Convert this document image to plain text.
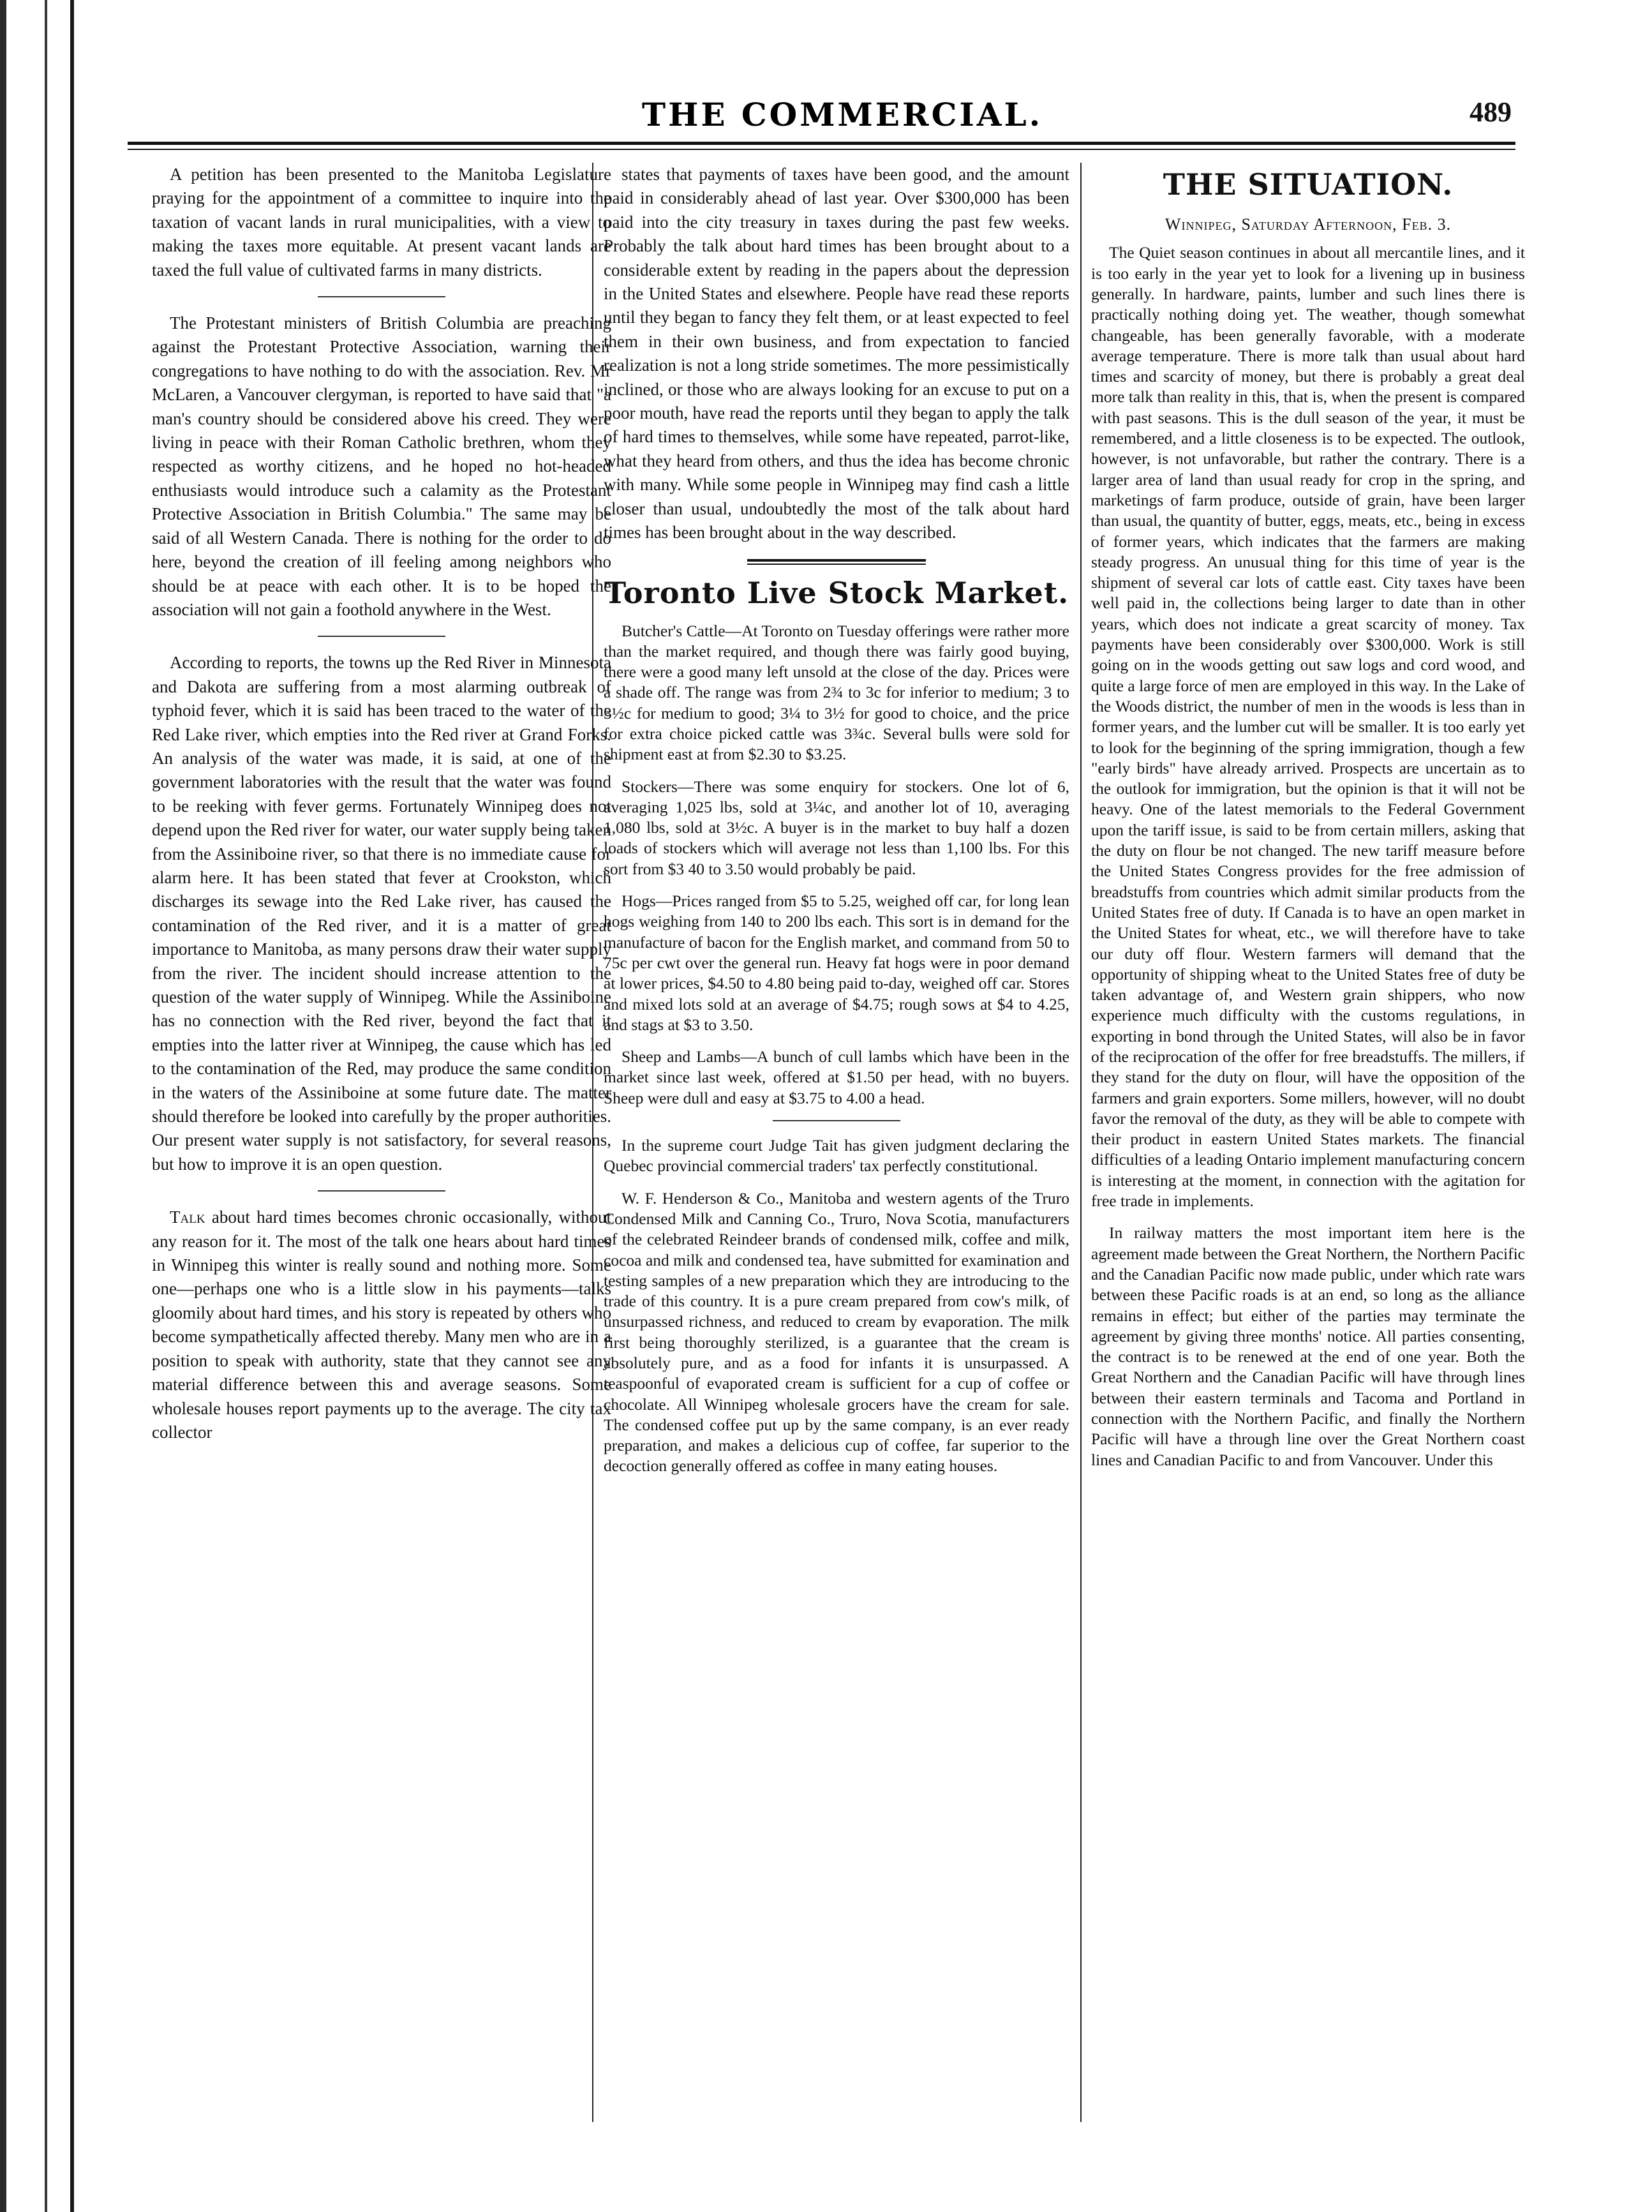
THE COMMERCIAL.	489

A petition has been presented to the Manitoba Legislature praying for the appointment of a committee to inquire into the taxation of vacant lands in rural municipalities, with a view to making the taxes more equitable. At present vacant lands are taxed the full value of cultivated farms in many districts.

The Protestant ministers of British Columbia are preaching against the Protestant Protective Association, warning their congregations to have nothing to do with the association. Rev. Mr McLaren, a Vancouver clergyman, is reported to have said that "a man's country should be considered above his creed. They were living in peace with their Roman Catholic brethren, whom they respected as worthy citizens, and he hoped no hot-headed enthusiasts would introduce such a calamity as the Protestant Protective Association in British Columbia." The same may be said of all Western Canada. There is nothing for the order to do here, beyond the creation of ill feeling among neighbors who should be at peace with each other. It is to be hoped the association will not gain a foothold anywhere in the West.

According to reports, the towns up the Red River in Minnesota and Dakota are suffering from a most alarming outbreak of typhoid fever, which it is said has been traced to the water of the Red Lake river, which empties into the Red river at Grand Forks. An analysis of the water was made, it is said, at one of the government laboratories with the result that the water was found to be reeking with fever germs. Fortunately Winnipeg does not depend upon the Red river for water, our water supply being taken from the Assiniboine river, so that there is no immediate cause for alarm here. It has been stated that fever at Crookston, which discharges its sewage into the Red Lake river, has caused the contamination of the Red river, and it is a matter of great importance to Manitoba, as many persons draw their water supply from the river. The incident should increase attention to the question of the water supply of Winnipeg. While the Assiniboine has no connection with the Red river, beyond the fact that it empties into the latter river at Winnipeg, the cause which has led to the contamination of the Red, may produce the same condition in the waters of the Assiniboine at some future date. The matter should therefore be looked into carefully by the proper authorities. Our present water supply is not satisfactory, for several reasons, but how to improve it is an open question.

Talk about hard times becomes chronic occasionally, without any reason for it. The most of the talk one hears about hard times in Winnipeg this winter is really sound and nothing more. Some one—perhaps one who is a little slow in his payments—talks gloomily about hard times, and his story is repeated by others who become sympathetically affected thereby. Many men who are in a position to speak with authority, state that they cannot see any material difference between this and average seasons. Some wholesale houses report payments up to the average. The city tax collector

states that payments of taxes have been good, and the amount paid in considerably ahead of last year. Over $300,000 has been paid into the city treasury in taxes during the past few weeks. Probably the talk about hard times has been brought about to a considerable extent by reading in the papers about the depression in the United States and elsewhere. People have read these reports until they began to fancy they felt them, or at least expected to feel them in their own business, and from expectation to fancied realization is not a long stride sometimes. The more pessimistically inclined, or those who are always looking for an excuse to put on a poor mouth, have read the reports until they began to apply the talk of hard times to themselves, while some have repeated, parrot-like, what they heard from others, and thus the idea has become chronic with many. While some people in Winnipeg may find cash a little closer than usual, undoubtedly the most of the talk about hard times has been brought about in the way described.

Toronto Live Stock Market.

Butcher's Cattle—At Toronto on Tuesday offerings were rather more than the market required, and though there was fairly good buying, there were a good many left unsold at the close of the day. Prices were a shade off. The range was from 2¾ to 3c for inferior to medium; 3 to 3½c for medium to good; 3¼ to 3½ for good to choice, and the price for extra choice picked cattle was 3¾c. Several bulls were sold for shipment east at from $2.30 to $3.25.

Stockers—There was some enquiry for stockers. One lot of 6, averaging 1,025 lbs, sold at 3¼c, and another lot of 10, averaging 1,080 lbs, sold at 3½c. A buyer is in the market to buy half a dozen loads of stockers which will average not less than 1,100 lbs. For this sort from $3 40 to 3.50 would probably be paid.

Hogs—Prices ranged from $5 to 5.25, weighed off car, for long lean hogs weighing from 140 to 200 lbs each. This sort is in demand for the manufacture of bacon for the English market, and command from 50 to 75c per cwt over the general run. Heavy fat hogs were in poor demand at lower prices, $4.50 to 4.80 being paid to-day, weighed off car. Stores and mixed lots sold at an average of $4.75; rough sows at $4 to 4.25, and stags at $3 to 3.50.

Sheep and Lambs—A bunch of cull lambs which have been in the market since last week, offered at $1.50 per head, with no buyers. Sheep were dull and easy at $3.75 to 4.00 a head.

In the supreme court Judge Tait has given judgment declaring the Quebec provincial commercial traders' tax perfectly constitutional.

W. F. Henderson & Co., Manitoba and western agents of the Truro Condensed Milk and Canning Co., Truro, Nova Scotia, manufacturers of the celebrated Reindeer brands of condensed milk, coffee and milk, cocoa and milk and condensed tea, have submitted for examination and testing samples of a new preparation which they are introducing to the trade of this country. It is a pure cream prepared from cow's milk, of unsurpassed richness, and reduced to cream by evaporation. The milk first being thoroughly sterilized, is a guarantee that the cream is absolutely pure, and as a food for infants it is unsurpassed. A teaspoonful of evaporated cream is sufficient for a cup of coffee or chocolate. All Winnipeg wholesale grocers have the cream for sale. The condensed coffee put up by the same company, is an ever ready preparation, and makes a delicious cup of coffee, far superior to the decoction generally offered as coffee in many eating houses.

THE SITUATION.
Winnipeg, Saturday Afternoon, Feb. 3.

The Quiet season continues in about all mercantile lines, and it is too early in the year yet to look for a livening up in business generally. In hardware, paints, lumber and such lines there is practically nothing doing yet. The weather, though somewhat changeable, has been generally favorable, with a moderate average temperature. There is more talk than usual about hard times and scarcity of money, but there is probably a great deal more talk than reality in this, that is, when the present is compared with past seasons. This is the dull season of the year, it must be remembered, and a little closeness is to be expected. The outlook, however, is not unfavorable, but rather the contrary. There is a larger area of land than usual ready for crop in the spring, and marketings of farm produce, outside of grain, have been larger than usual, the quantity of butter, eggs, meats, etc., being in excess of former years, which indicates that the farmers are making steady progress. An unusual thing for this time of year is the shipment of several car lots of cattle east. City taxes have been well paid in, the collections being larger to date than in other years, which does not indicate a great scarcity of money. Tax payments have been considerably over $300,000. Work is still going on in the woods getting out saw logs and cord wood, and quite a large force of men are employed in this way. In the Lake of the Woods district, the number of men in the woods is less than in former years, and the lumber cut will be smaller. It is too early yet to look for the beginning of the spring immigration, though a few "early birds" have already arrived. Prospects are uncertain as to the outlook for immigration, but the opinion is that it will not be heavy. One of the latest memorials to the Federal Government upon the tariff issue, is said to be from certain millers, asking that the duty on flour be not changed. The new tariff measure before the United States Congress provides for the free admission of breadstuffs from countries which admit similar products from the United States free of duty. If Canada is to have an open market in the United States for wheat, etc., we will therefore have to take our duty off flour. Western farmers will demand that the opportunity of shipping wheat to the United States free of duty be taken advantage of, and Western grain shippers, who now experience much difficulty with the customs regulations, in exporting in bond through the United States, will also be in favor of the reciprocation of the offer for free breadstuffs. The millers, if they stand for the duty on flour, will have the opposition of the farmers and grain exporters. Some millers, however, will no doubt favor the removal of the duty, as they will be able to compete with their product in eastern United States markets. The financial difficulties of a leading Ontario implement manufacturing concern is interesting at the moment, in connection with the agitation for free trade in implements.

In railway matters the most important item here is the agreement made between the Great Northern, the Northern Pacific and the Canadian Pacific now made public, under which rate wars between these Pacific roads is at an end, so long as the alliance remains in effect; but either of the parties may terminate the agreement by giving three months' notice. All parties consenting, the contract is to be renewed at the end of one year. Both the Great Northern and the Canadian Pacific will have through lines between their eastern terminals and Tacoma and Portland in connection with the Northern Pacific, and finally the Northern Pacific will have a through line over the Great Northern coast lines and Canadian Pacific to and from Vancouver. Under this
